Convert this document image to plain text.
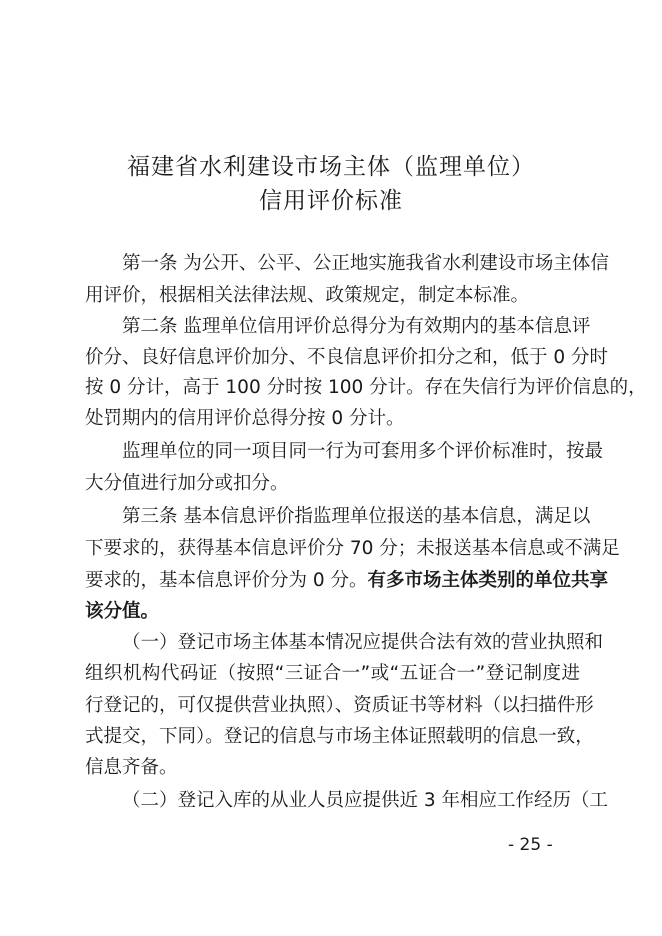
福建省水利建设市场主体（监理单位）
信用评价标准
第一条 为公开、公平、公正地实施我省水利建设市场主体信
用评价，根据相关法律法规、政策规定，制定本标准。
第二条 监理单位信用评价总得分为有效期内的基本信息评
价分、良好信息评价加分、不良信息评价扣分之和，低于 0 分时
按 0 分计，高于 100 分时按 100 分计。存在失信行为评价信息的，
处罚期内的信用评价总得分按 0 分计。
监理单位的同一项目同一行为可套用多个评价标准时，按最
大分值进行加分或扣分。
第三条 基本信息评价指监理单位报送的基本信息，满足以
下要求的，获得基本信息评价分 70 分；未报送基本信息或不满足
要求的，基本信息评价分为 0 分。有多市场主体类别的单位共享
该分值。
（一）登记市场主体基本情况应提供合法有效的营业执照和
组织机构代码证（按照“三证合一”或“五证合一”登记制度进
行登记的，可仅提供营业执照）、资质证书等材料（以扫描件形
式提交，下同）。登记的信息与市场主体证照载明的信息一致，
信息齐备。
（二）登记入库的从业人员应提供近 3 年相应工作经历（工
- 25 -
